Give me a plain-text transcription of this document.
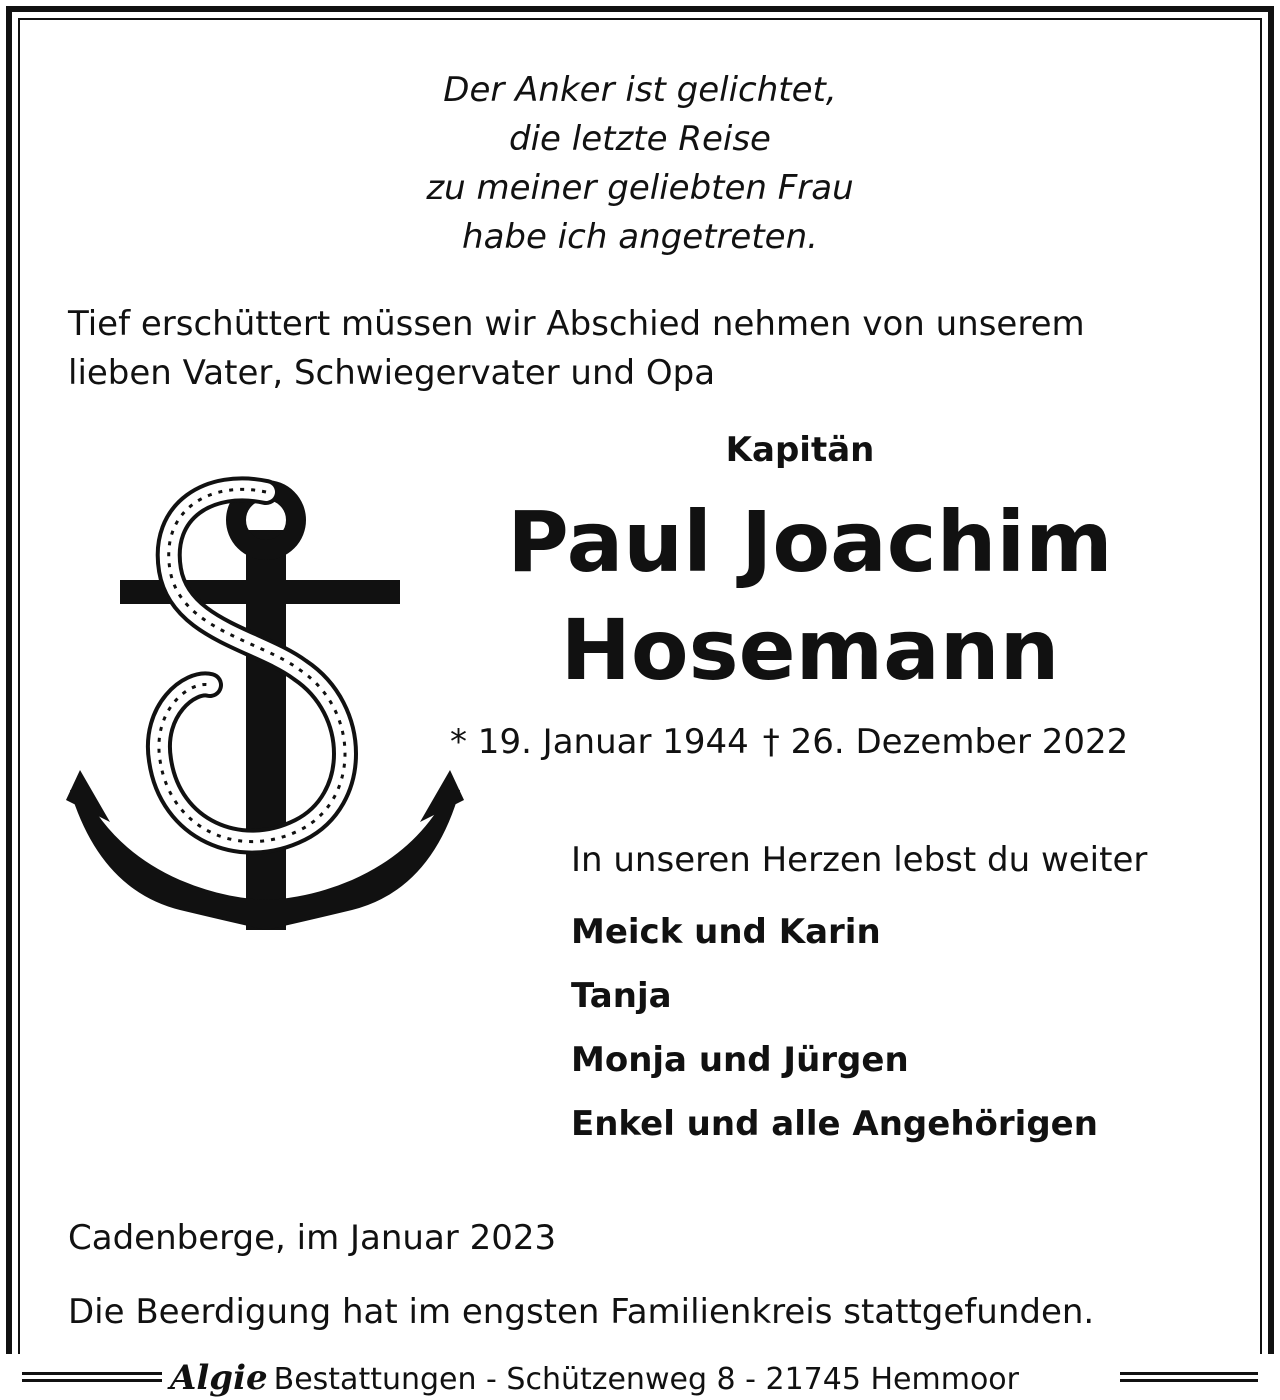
Der Anker ist gelichtet,
die letzte Reise
zu meiner geliebten Frau
habe ich angetreten.
Tief erschüttert müssen wir Abschied nehmen von unserem
lieben Vater, Schwiegervater und Opa
Kapitän
Paul Joachim
Hosemann
* 19. Januar 1944 † 26. Dezember 2022
In unseren Herzen lebst du weiter
Meick und Karin
Tanja
Monja und Jürgen
Enkel und alle Angehörigen
Cadenberge, im Januar 2023
Die Beerdigung hat im engsten Familienkreis stattgefunden.
Algie Bestattungen - Schützenweg 8 - 21745 Hemmoor
